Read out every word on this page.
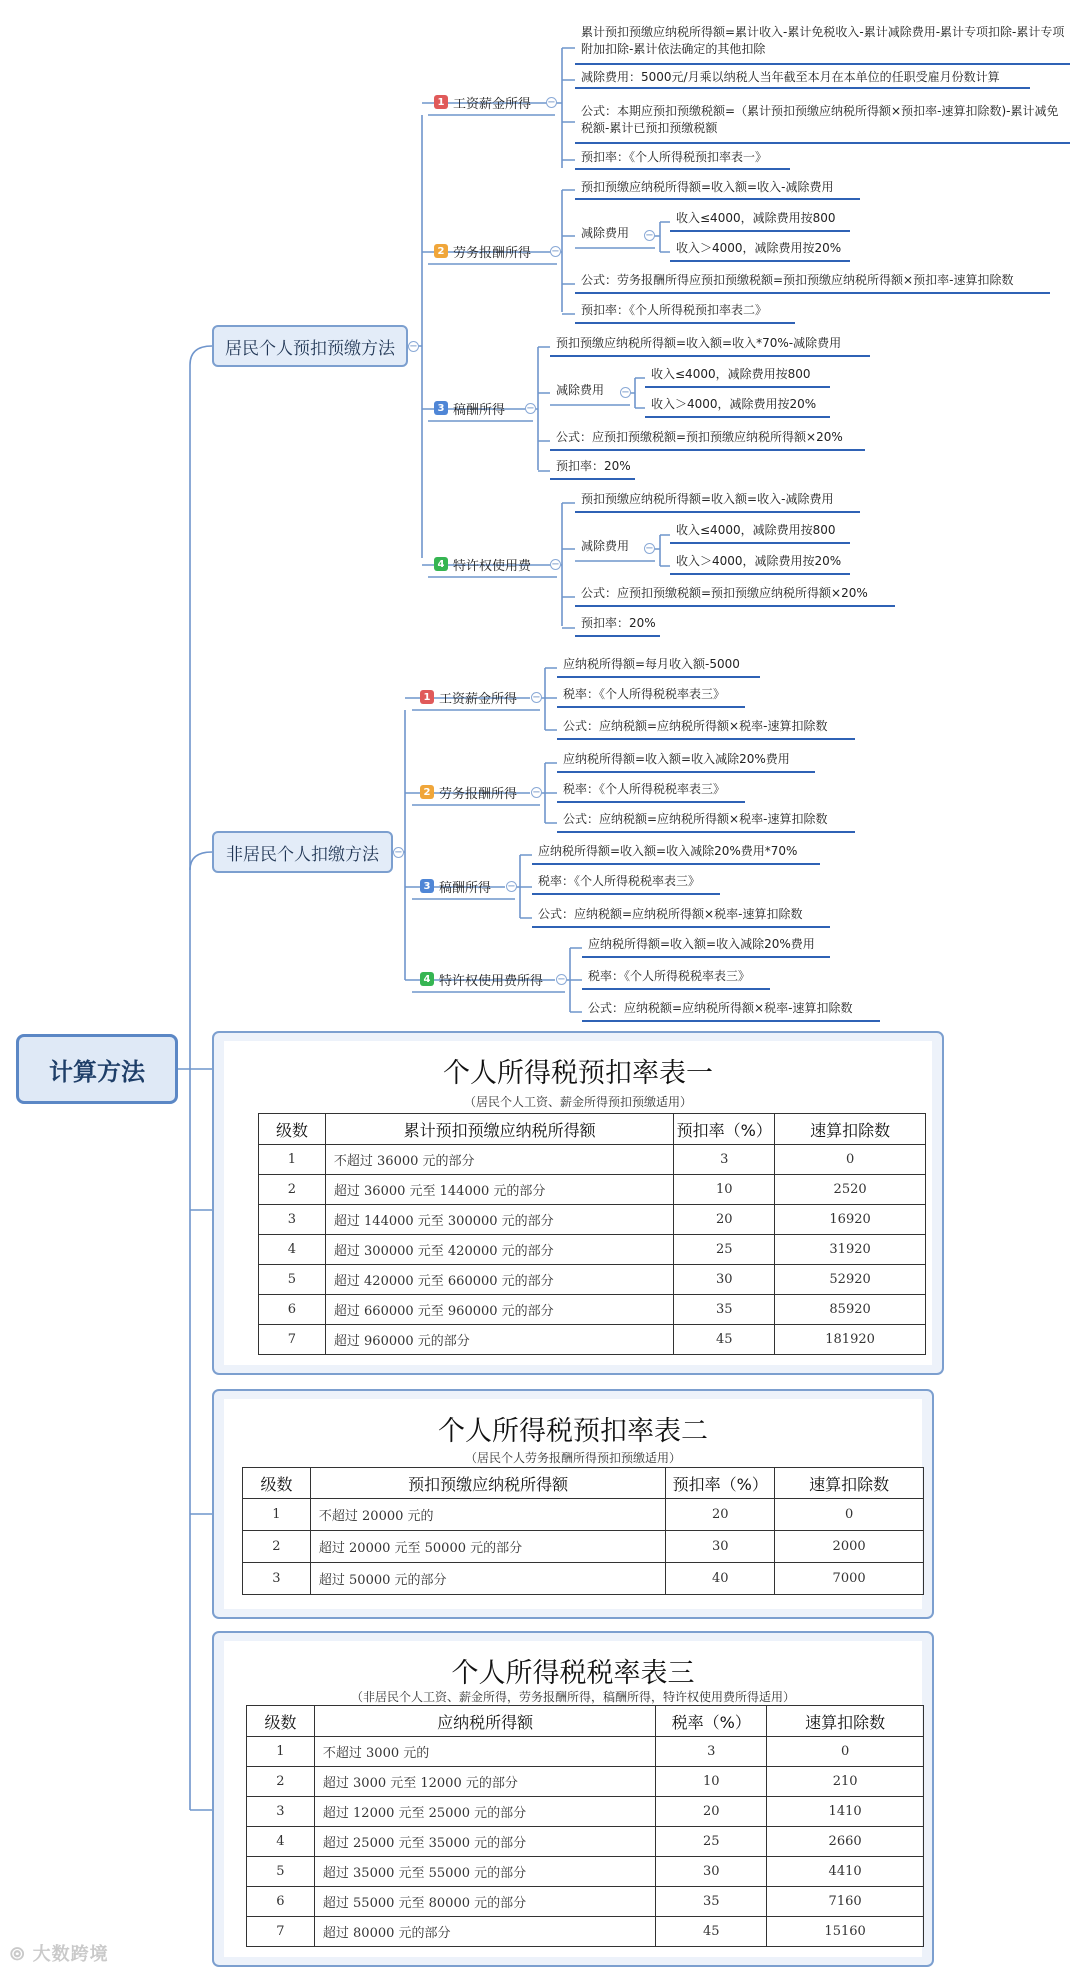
计算方法
居民个人预扣预缴方法	−
1 工资薪金所得 −
累计预扣预缴应纳税所得额=累计收入-累计免税收入-累计减除费用-累计专项扣除-累计专项附加扣除-累计依法确定的其他扣除
减除费用：5000元/月乘以纳税人当年截至本月在本单位的任职受雇月份数计算
公式：本期应预扣预缴税额=（累计预扣预缴应纳税所得额×预扣率-速算扣除数)-累计减免税额-累计已预扣预缴税额
预扣率：《个人所得税预扣率表一》
2 劳务报酬所得 −
预扣预缴应纳税所得额=收入额=收入-减除费用
减除费用 −
收入≤4000，减除费用按800
收入＞4000，减除费用按20%
公式：劳务报酬所得应预扣预缴税额=预扣预缴应纳税所得额×预扣率-速算扣除数
预扣率：《个人所得税预扣率表二》
3 稿酬所得 −
预扣预缴应纳税所得额=收入额=收入*70%-减除费用
减除费用 −
收入≤4000，减除费用按800
收入＞4000，减除费用按20%
公式：应预扣预缴税额=预扣预缴应纳税所得额×20%
预扣率：20%
4 特许权使用费 −
预扣预缴应纳税所得额=收入额=收入-减除费用
减除费用 −
收入≤4000，减除费用按800
收入＞4000，减除费用按20%
公式：应预扣预缴税额=预扣预缴应纳税所得额×20%
预扣率：20%
非居民个人扣缴方法	−
1 工资薪金所得 −
应纳税所得额=每月收入额-5000
税率：《个人所得税税率表三》
公式：应纳税额=应纳税所得额×税率-速算扣除数
2 劳务报酬所得 −
应纳税所得额=收入额=收入减除20%费用
税率：《个人所得税税率表三》
公式：应纳税额=应纳税所得额×税率-速算扣除数
3 稿酬所得 −
应纳税所得额=收入额=收入减除20%费用*70%
税率：《个人所得税税率表三》
公式：应纳税额=应纳税所得额×税率-速算扣除数
4 特许权使用费所得 −
应纳税所得额=收入额=收入减除20%费用
税率：《个人所得税税率表三》
公式：应纳税额=应纳税所得额×税率-速算扣除数
个人所得税预扣率表一
（居民个人工资、薪金所得预扣预缴适用）
级数	累计预扣预缴应纳税所得额	预扣率（%）	速算扣除数
1	不超过 36000 元的部分	3	0
2	超过 36000 元至 144000 元的部分	10	2520
3	超过 144000 元至 300000 元的部分	20	16920
4	超过 300000 元至 420000 元的部分	25	31920
5	超过 420000 元至 660000 元的部分	30	52920
6	超过 660000 元至 960000 元的部分	35	85920
7	超过 960000 元的部分	45	181920
个人所得税预扣率表二
（居民个人劳务报酬所得预扣预缴适用）
级数	预扣预缴应纳税所得额	预扣率（%）	速算扣除数
1	不超过 20000 元的	20	0
2	超过 20000 元至 50000 元的部分	30	2000
3	超过 50000 元的部分	40	7000
个人所得税税率表三
（非居民个人工资、薪金所得，劳务报酬所得，稿酬所得，特许权使用费所得适用）
级数	应纳税所得额	税率（%）	速算扣除数
1	不超过 3000 元的	3	0
2	超过 3000 元至 12000 元的部分	10	210
3	超过 12000 元至 25000 元的部分	20	1410
4	超过 25000 元至 35000 元的部分	25	2660
5	超过 35000 元至 55000 元的部分	30	4410
6	超过 55000 元至 80000 元的部分	35	7160
7	超过 80000 元的部分	45	15160
⦾ 大数跨境
